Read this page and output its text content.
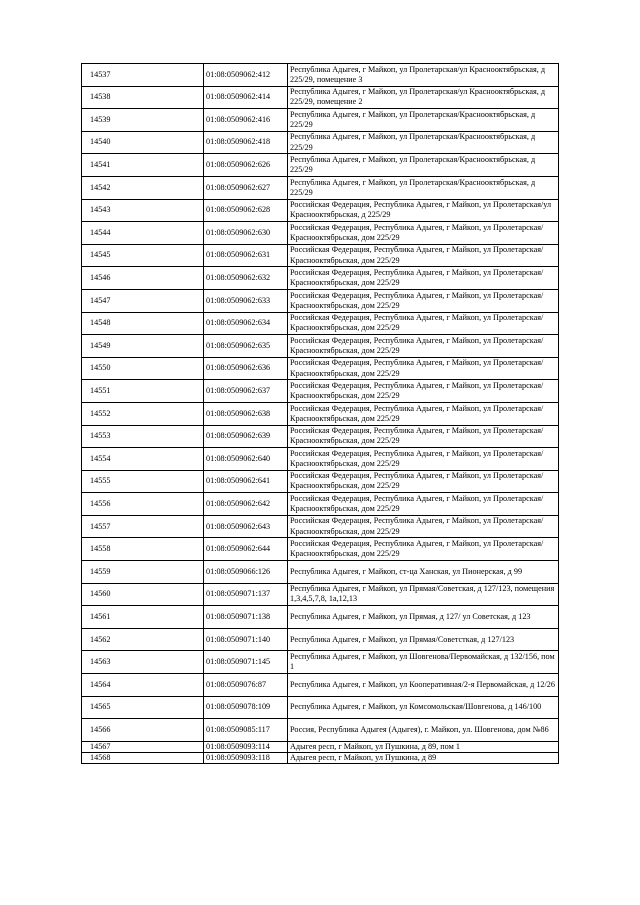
14537	01:08:0509062:412	Республика Адыгея, г Майкоп, ул Пролетарская/ул Краснооктябрьская, д 225/29, помещение 3
14538	01:08:0509062:414	Республика Адыгея, г Майкоп, ул Пролетарская/ул Краснооктябрьская, д 225/29, помещение 2
14539	01:08:0509062:416	Республика Адыгея, г Майкоп, ул Пролетарская/Краснооктябрьская, д 225/29
14540	01:08:0509062:418	Республика Адыгея, г Майкоп, ул Пролетарская/Краснооктябрьская, д 225/29
14541	01:08:0509062:626	Республика Адыгея, г Майкоп, ул Пролетарская/Краснооктябрьская, д 225/29
14542	01:08:0509062:627	Республика Адыгея, г Майкоп, ул Пролетарская/Краснооктябрьская, д 225/29
14543	01:08:0509062:628	Российская Федерация, Республика Адыгея, г Майкоп, ул Пролетарская/ул Краснооктябрьская, д 225/29
14544	01:08:0509062:630	Российская Федерация, Республика Адыгея, г Майкоп, ул Пролетарская/Краснооктябрьская, дом 225/29
14545	01:08:0509062:631	Российская Федерация, Республика Адыгея, г Майкоп, ул Пролетарская/Краснооктябрьская, дом 225/29
14546	01:08:0509062:632	Российская Федерация, Республика Адыгея, г Майкоп, ул Пролетарская/Краснооктябрьская, дом 225/29
14547	01:08:0509062:633	Российская Федерация, Республика Адыгея, г Майкоп, ул Пролетарская/Краснооктябрьская, дом 225/29
14548	01:08:0509062:634	Российская Федерация, Республика Адыгея, г Майкоп, ул Пролетарская/Краснооктябрьская, дом 225/29
14549	01:08:0509062:635	Российская Федерация, Республика Адыгея, г Майкоп, ул Пролетарская/Краснооктябрьская, дом 225/29
14550	01:08:0509062:636	Российская Федерация, Республика Адыгея, г Майкоп, ул Пролетарская/Краснооктябрьская, дом 225/29
14551	01:08:0509062:637	Российская Федерация, Республика Адыгея, г Майкоп, ул Пролетарская/Краснооктябрьская, дом 225/29
14552	01:08:0509062:638	Российская Федерация, Республика Адыгея, г Майкоп, ул Пролетарская/Краснооктябрьская, дом 225/29
14553	01:08:0509062:639	Российская Федерация, Республика Адыгея, г Майкоп, ул Пролетарская/Краснооктябрьская, дом 225/29
14554	01:08:0509062:640	Российская Федерация, Республика Адыгея, г Майкоп, ул Пролетарская/Краснооктябрьская, дом 225/29
14555	01:08:0509062:641	Российская Федерация, Республика Адыгея, г Майкоп, ул Пролетарская/Краснооктябрьская, дом 225/29
14556	01:08:0509062:642	Российская Федерация, Республика Адыгея, г Майкоп, ул Пролетарская/Краснооктябрьская, дом 225/29
14557	01:08:0509062:643	Российская Федерация, Республика Адыгея, г Майкоп, ул Пролетарская/Краснооктябрьская, дом 225/29
14558	01:08:0509062:644	Российская Федерация, Республика Адыгея, г Майкоп, ул Пролетарская/Краснооктябрьская, дом 225/29
14559	01:08:0509066:126	Республика Адыгея, г Майкоп, ст-ца Ханская, ул Пионерская, д 99
14560	01:08:0509071:137	Республика Адыгея, г Майкоп, ул Прямая/Советская, д 127/123, помещения 1,3,4,5,7,8, 1а,12,13
14561	01:08:0509071:138	Республика Адыгея, г Майкоп, ул Прямая, д 127/ ул Советская, д 123
14562	01:08:0509071:140	Республика Адыгея, г Майкоп, ул Прямая/Советсткая, д 127/123
14563	01:08:0509071:145	Республика Адыгея, г Майкоп, ул Шовгенова/Первомайская, д 132/156, пом 1
14564	01:08:0509076:87	Республика Адыгея, г Майкоп, ул Кооперативная/2-я Первомайская, д 12/26
14565	01:08:0509078:109	Республика Адыгея, г Майкоп, ул Комсомольская/Шовгенова, д 146/100
14566	01:08:0509085:117	Россия, Республика Адыгея (Адыгея), г. Майкоп, ул. Шовгенова, дом №86
14567	01:08:0509093:114	Адыгея респ, г Майкоп, ул Пушкина, д 89, пом 1
14568	01:08:0509093:118	Адыгея респ, г Майкоп, ул Пушкина, д 89
